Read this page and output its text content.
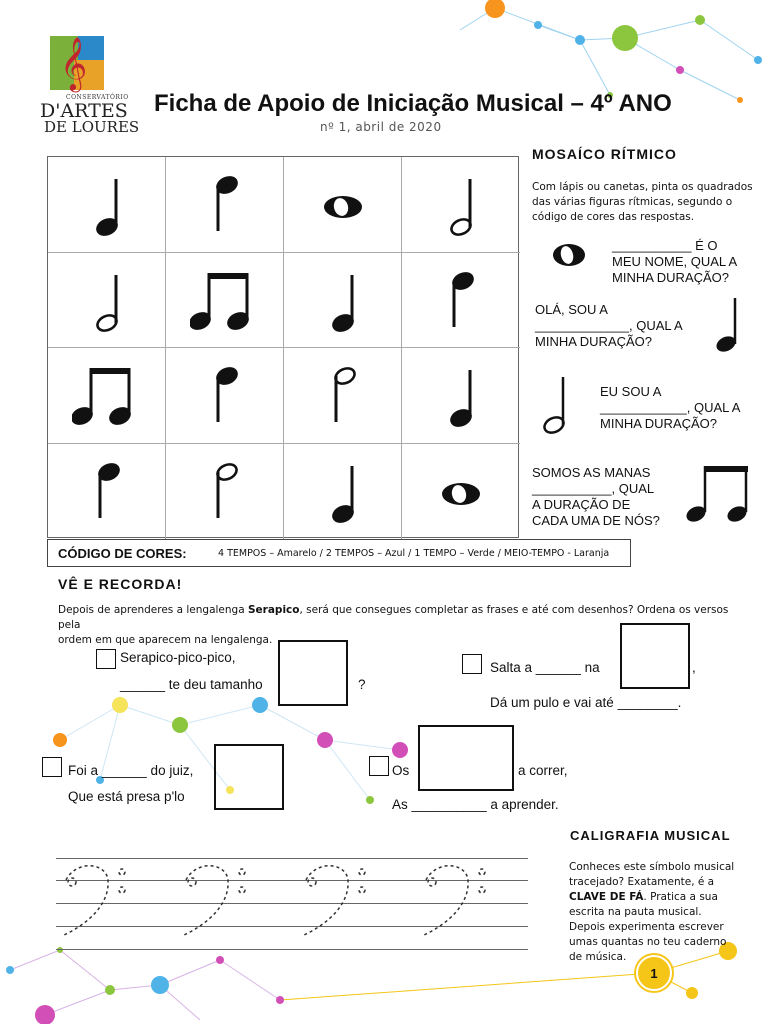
𝄞
CONSERVATÓRIO
D'ARTES
DE LOURES
Ficha de Apoio de Iniciação Musical – 4º ANO
nº 1, abril de 2020
MOSAÍCO RÍTMICO
Com lápis ou canetas, pinta os quadrados das várias figuras rítmicas, segundo o código de cores das respostas.
___________ É O
MEU NOME, QUAL A
MINHA DURAÇÃO?
OLÁ, SOU A
_____________, QUAL A
MINHA DURAÇÃO?
EU SOU A
____________, QUAL A
MINHA DURAÇÃO?
SOMOS AS MANAS
___________, QUAL
A DURAÇÃO DE
CADA UMA DE NÓS?
CÓDIGO DE CORES:	4 TEMPOS – Amarelo / 2 TEMPOS – Azul / 1 TEMPO – Verde / MEIO-TEMPO - Laranja
VÊ E RECORDA!
Depois de aprenderes a lengalenga Serapico, será que consegues completar as frases e até com desenhos? Ordena os versos pela
ordem em que aparecem na lengalenga.
Serapico-pico-pico,
______ te deu tamanho	?
Salta a ______ na	,
Dá um pulo e vai até ________.
Foi a ______ do juiz,
Que está presa p'lo
Os	a correr,
As __________ a aprender.
CALIGRAFIA MUSICAL
Conheces este símbolo musical tracejado? Exatamente, é a CLAVE DE FÁ. Pratica a sua escrita na pauta musical. Depois experimenta escrever umas quantas no teu caderno de música.
1
